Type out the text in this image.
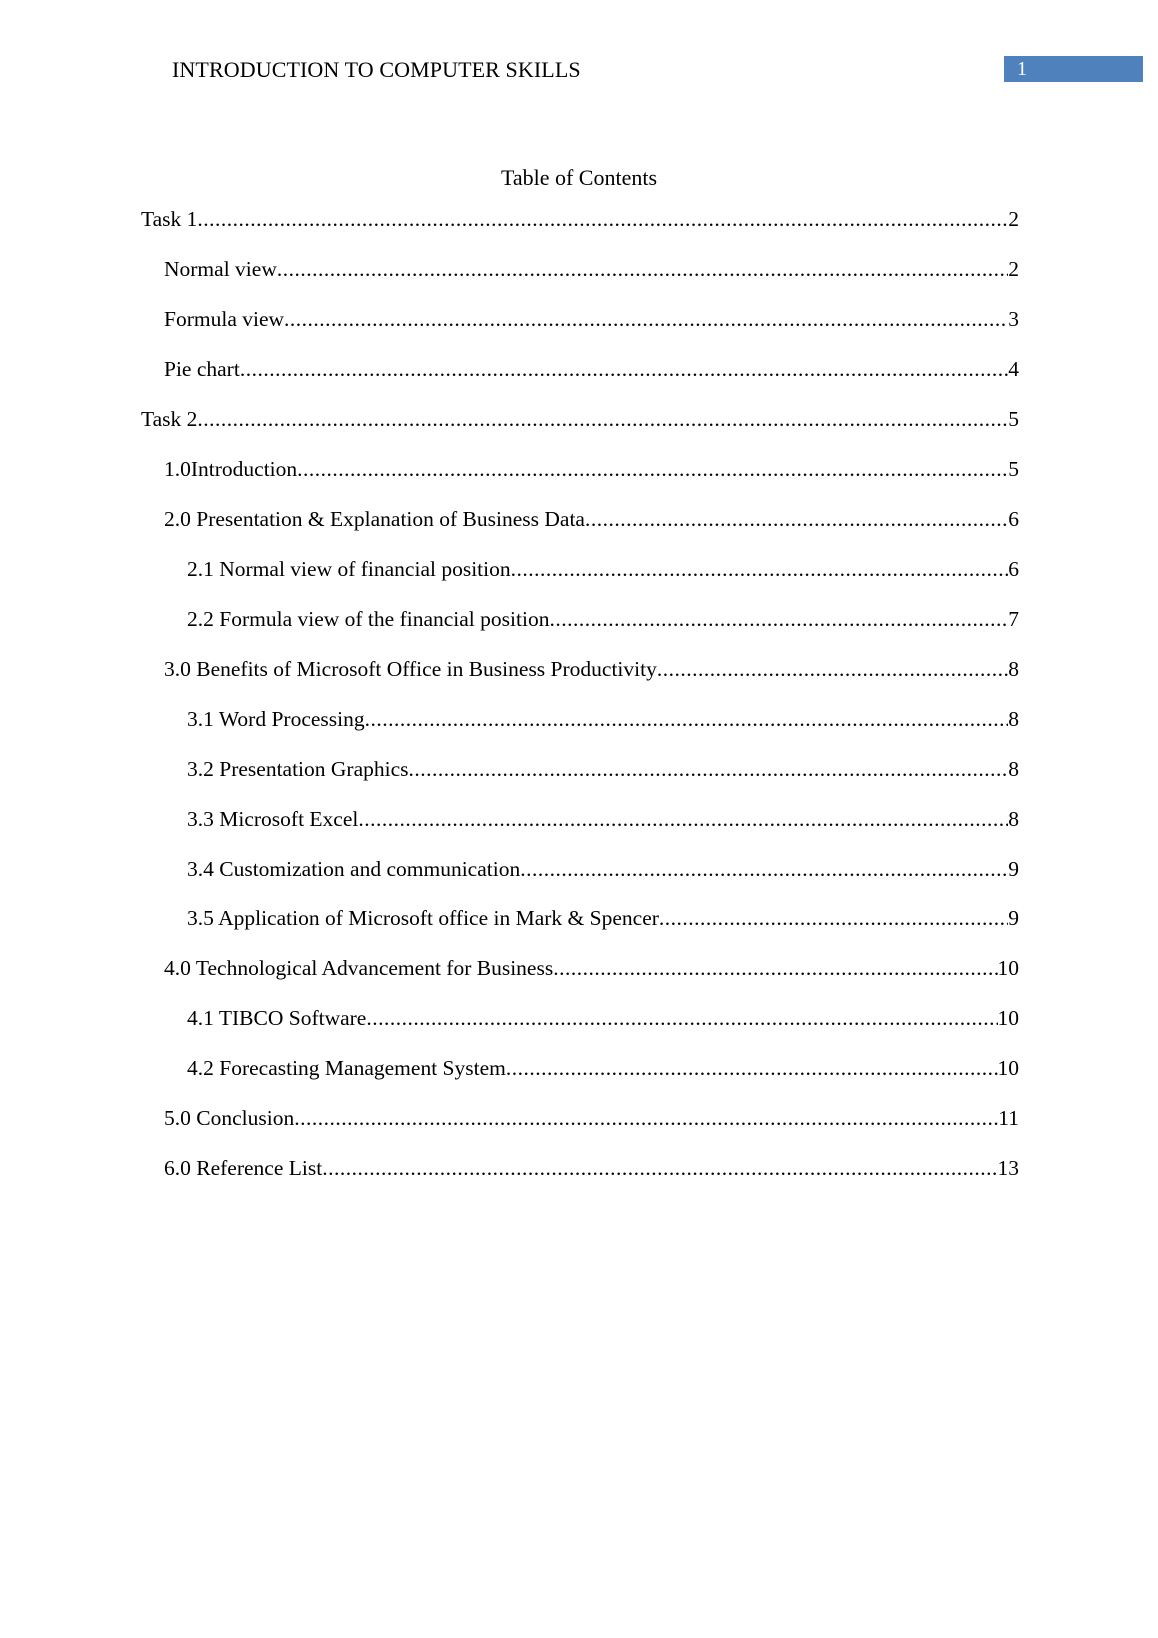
INTRODUCTION TO COMPUTER SKILLS	1
Table of Contents
Task 1 .....	2
Normal view .....	2
Formula view .....	3
Pie chart .....	4
Task 2 .....	5
1.0Introduction .....	5
2.0 Presentation & Explanation of Business Data .....	6
2.1 Normal view of financial position .....	6
2.2 Formula view of the financial position .....	7
3.0 Benefits of Microsoft Office in Business Productivity .....	8
3.1 Word Processing .....	8
3.2 Presentation Graphics .....	8
3.3 Microsoft Excel .....	8
3.4 Customization and communication .....	9
3.5 Application of Microsoft office in Mark & Spencer .....	9
4.0 Technological Advancement for Business .....	10
4.1 TIBCO Software .....	10
4.2 Forecasting Management System .....	10
5.0 Conclusion .....	11
6.0 Reference List .....	13
